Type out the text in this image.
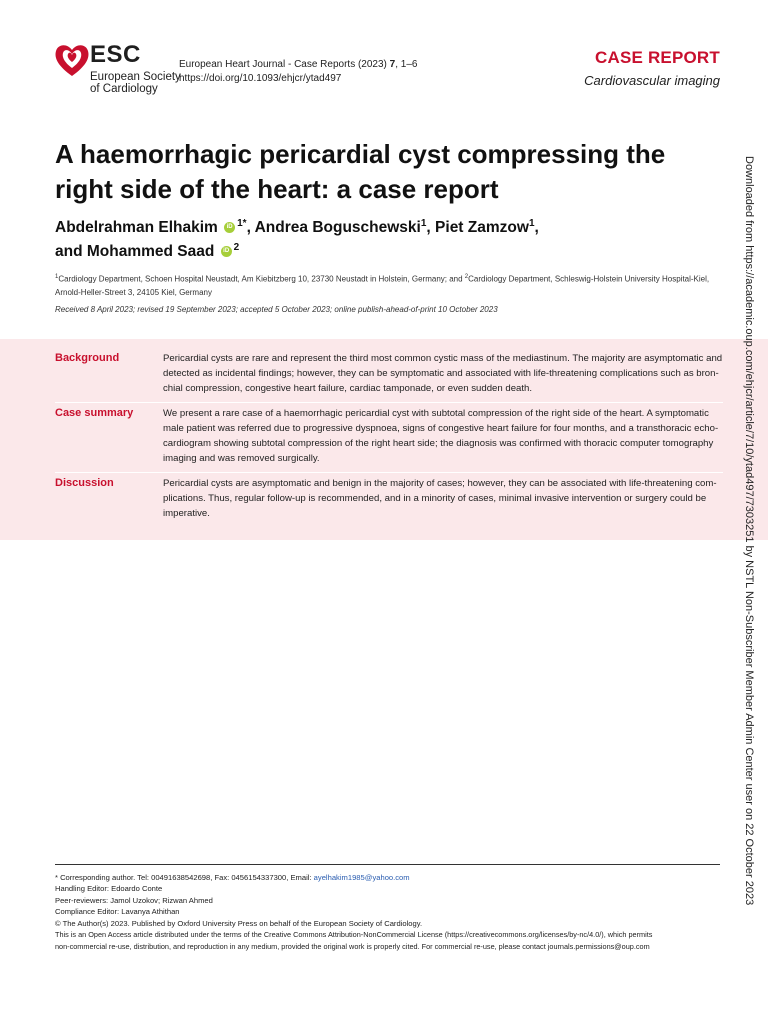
ESC
European Society
of Cardiology
European Heart Journal - Case Reports (2023) 7, 1–6
https://doi.org/10.1093/ehjcr/ytad497
CASE REPORT
Cardiovascular imaging
A haemorrhagic pericardial cyst compressing the right side of the heart: a case report
Abdelrahman Elhakim iD $^{1*}$, Andrea Boguschewski$^1$, Piet Zamzow$^1$,
and Mohammed Saad iD $^2$
$^1$Cardiology Department, Schoen Hospital Neustadt, Am Kiebitzberg 10, 23730 Neustadt in Holstein, Germany; and $^2$Cardiology Department, Schleswig-Holstein University Hospital-Kiel,
Arnold-Heller-Street 3, 24105 Kiel, Germany
Received 8 April 2023; revised 19 September 2023; accepted 5 October 2023; online publish-ahead-of-print 10 October 2023
Background	Pericardial cysts are rare and represent the third most common cystic mass of the mediastinum. The majority are asymptomatic and
detected as incidental findings; however, they can be symptomatic and associated with life-threatening complications such as bron-
chial compression, congestive heart failure, cardiac tamponade, or even sudden death.
Case summary	We present a rare case of a haemorrhagic pericardial cyst with subtotal compression of the right side of the heart. A symptomatic
male patient was referred due to progressive dyspnoea, signs of congestive heart failure for four months, and a transthoracic echo-
cardiogram showing subtotal compression of the right heart side; the diagnosis was confirmed with thoracic computer tomography
imaging and was removed surgically.
Discussion	Pericardial cysts are asymptomatic and benign in the majority of cases; however, they can be associated with life-threatening com-
plications. Thus, regular follow-up is recommended, and in a minority of cases, minimal invasive intervention or surgery could be
imperative.
* Corresponding author. Tel: 00491638542698, Fax: 0456154337300, Email: ayelhakim1985@yahoo.com
Handling Editor: Edoardo Conte
Peer-reviewers: Jamol Uzokov; Rizwan Ahmed
Compliance Editor: Lavanya Athithan
© The Author(s) 2023. Published by Oxford University Press on behalf of the European Society of Cardiology.
This is an Open Access article distributed under the terms of the Creative Commons Attribution-NonCommercial License (https://creativecommons.org/licenses/by-nc/4.0/), which permits
non-commercial re-use, distribution, and reproduction in any medium, provided the original work is properly cited. For commercial re-use, please contact journals.permissions@oup.com
Downloaded from https://academic.oup.com/ehjcr/article/7/10/ytad497/7303251 by NSTL Non-Subscriber Member Admin Center user on 22 October 2023
